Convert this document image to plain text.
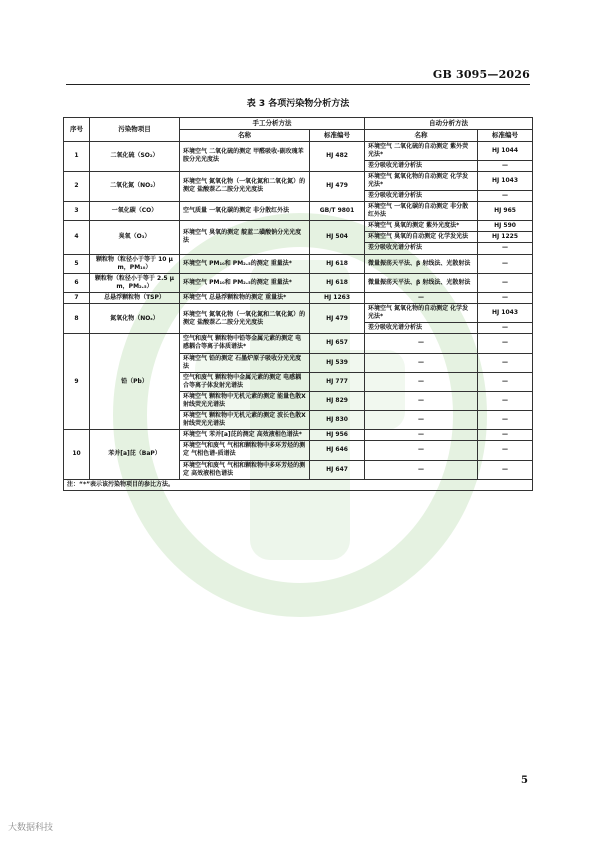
GB 3095—2026
表 3 各项污染物分析方法
序号	污染物项目	手工分析方法		自动分析方法	
		名称	标准编号	名称	标准编号
1	二氧化硫（SO₂）	环境空气 二氧化硫的测定 甲醛吸收-副玫瑰苯胺分光光度法	HJ 482	环境空气 二氧化硫的自动测定 紫外荧光法*	HJ 1044
				差分吸收光谱分析法	—
2	二氧化氮（NO₂）	环境空气 氮氧化物（一氧化氮和二氧化氮）的测定 盐酸萘乙二胺分光光度法	HJ 479	环境空气 氮氧化物的自动测定 化学发光法*	HJ 1043
				差分吸收光谱分析法	—
3	一氧化碳（CO）	空气质量 一氧化碳的测定 非分散红外法	GB/T 9801	环境空气 一氧化碳的自动测定 非分散红外法	HJ 965
4	臭氧（O₃）	环境空气 臭氧的测定 靛蓝二磺酸钠分光光度法	HJ 504	环境空气 臭氧的测定 紫外光度法*	HJ 590
				环境空气 臭氧的自动测定 化学发光法	HJ 1225
				差分吸收光谱分析法	—
5	颗粒物（粒径小于等于 10 μm，PM₁₀）	环境空气 PM₁₀和 PM₂.₅的测定 重量法*	HJ 618	微量振荡天平法、β 射线法、光散射法	—
6	颗粒物（粒径小于等于 2.5 μm，PM₂.₅）	环境空气 PM₁₀和 PM₂.₅的测定 重量法*	HJ 618	微量振荡天平法、β 射线法、光散射法	—
7	总悬浮颗粒物（TSP）	环境空气 总悬浮颗粒物的测定 重量法*	HJ 1263	—	—
8	氮氧化物（NOₓ）	环境空气 氮氧化物（一氧化氮和二氧化氮）的测定 盐酸萘乙二胺分光光度法	HJ 479	环境空气 氮氧化物的自动测定 化学发光法*	HJ 1043
				差分吸收光谱分析法	—
9	铅（Pb）	空气和废气 颗粒物中铅等金属元素的测定 电感耦合等离子体质谱法*	HJ 657	—	—
		环境空气 铅的测定 石墨炉原子吸收分光光度法	HJ 539	—	—
		空气和废气 颗粒物中金属元素的测定 电感耦合等离子体发射光谱法	HJ 777	—	—
		环境空气 颗粒物中无机元素的测定 能量色散X射线荧光光谱法	HJ 829	—	—
		环境空气 颗粒物中无机元素的测定 波长色散X射线荧光光谱法	HJ 830	—	—
10	苯并[a]芘（BaP）	环境空气 苯并[a]芘的测定 高效液相色谱法*	HJ 956	—	—
		环境空气和废气 气相和颗粒物中多环芳烃的测定 气相色谱-质谱法	HJ 646	—	—
		环境空气和废气 气相和颗粒物中多环芳烃的测定 高效液相色谱法	HJ 647	—	—
注：“*”表示该污染物项目的参比方法。					
5
大数据科技
